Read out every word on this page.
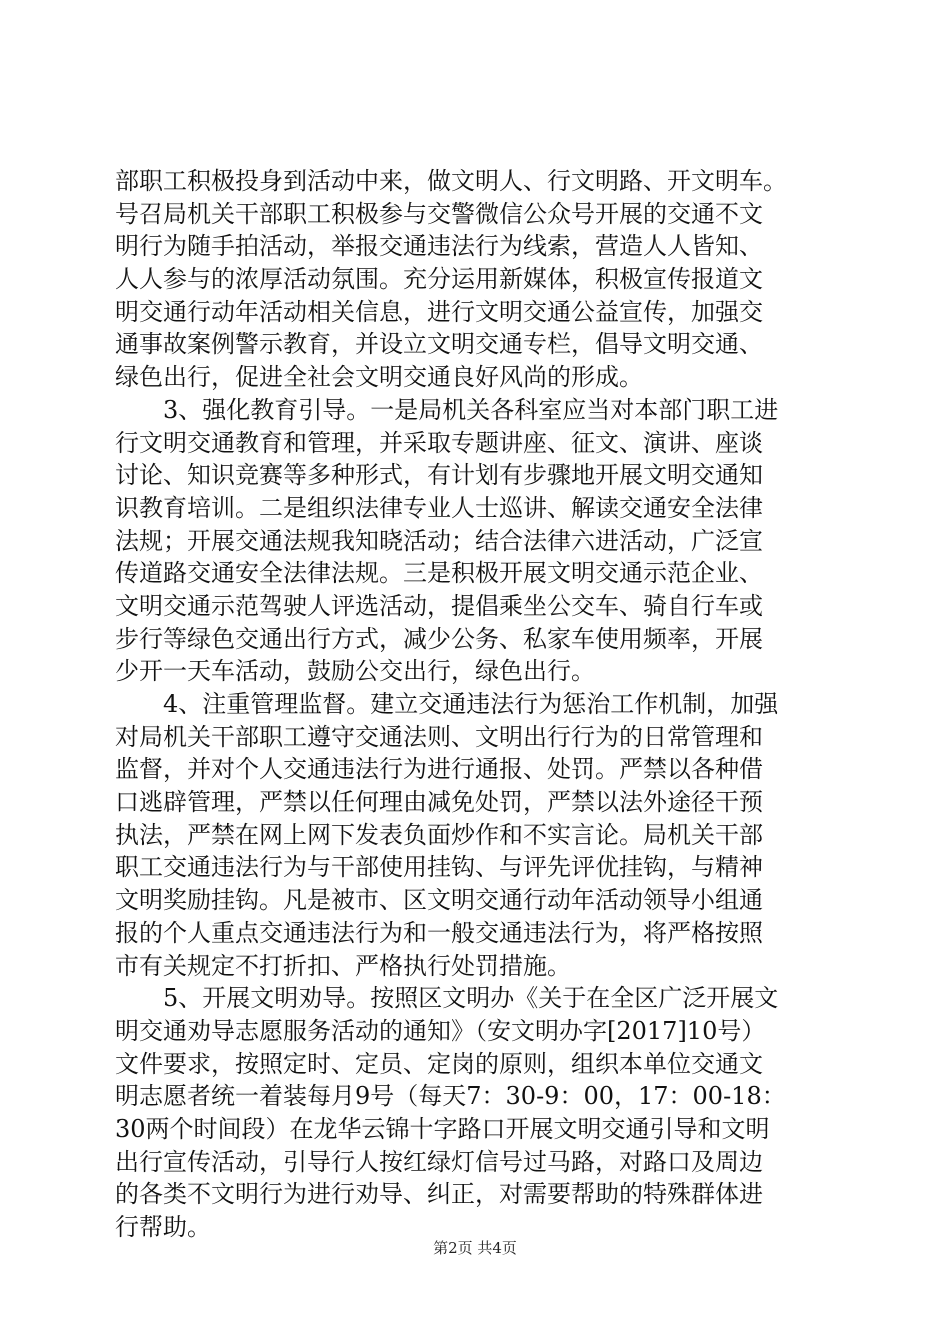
部职工积极投身到活动中来，做文明人、行文明路、开文明车。
号召局机关干部职工积极参与交警微信公众号开展的交通不文
明行为随手拍活动，举报交通违法行为线索，营造人人皆知、
人人参与的浓厚活动氛围。充分运用新媒体，积极宣传报道文
明交通行动年活动相关信息，进行文明交通公益宣传，加强交
通事故案例警示教育，并设立文明交通专栏，倡导文明交通、
绿色出行，促进全社会文明交通良好风尚的形成。
3、强化教育引导。一是局机关各科室应当对本部门职工进
行文明交通教育和管理，并采取专题讲座、征文、演讲、座谈
讨论、知识竞赛等多种形式，有计划有步骤地开展文明交通知
识教育培训。二是组织法律专业人士巡讲、解读交通安全法律
法规；开展交通法规我知晓活动；结合法律六进活动，广泛宣
传道路交通安全法律法规。三是积极开展文明交通示范企业、
文明交通示范驾驶人评选活动，提倡乘坐公交车、骑自行车或
步行等绿色交通出行方式，减少公务、私家车使用频率，开展
少开一天车活动，鼓励公交出行，绿色出行。
4、注重管理监督。建立交通违法行为惩治工作机制，加强
对局机关干部职工遵守交通法则、文明出行行为的日常管理和
监督，并对个人交通违法行为进行通报、处罚。严禁以各种借
口逃辟管理，严禁以任何理由减免处罚，严禁以法外途径干预
执法，严禁在网上网下发表负面炒作和不实言论。局机关干部
职工交通违法行为与干部使用挂钩、与评先评优挂钩，与精神
文明奖励挂钩。凡是被市、区文明交通行动年活动领导小组通
报的个人重点交通违法行为和一般交通违法行为，将严格按照
市有关规定不打折扣、严格执行处罚措施。
5、开展文明劝导。按照区文明办《关于在全区广泛开展文
明交通劝导志愿服务活动的通知》（安文明办字[2017]10号）
文件要求，按照定时、定员、定岗的原则，组织本单位交通文
明志愿者统一着装每月9号（每天7：30-9：00，17：00-18：
30两个时间段）在龙华云锦十字路口开展文明交通引导和文明
出行宣传活动，引导行人按红绿灯信号过马路，对路口及周边
的各类不文明行为进行劝导、纠正，对需要帮助的特殊群体进
行帮助。
第2页 共4页
